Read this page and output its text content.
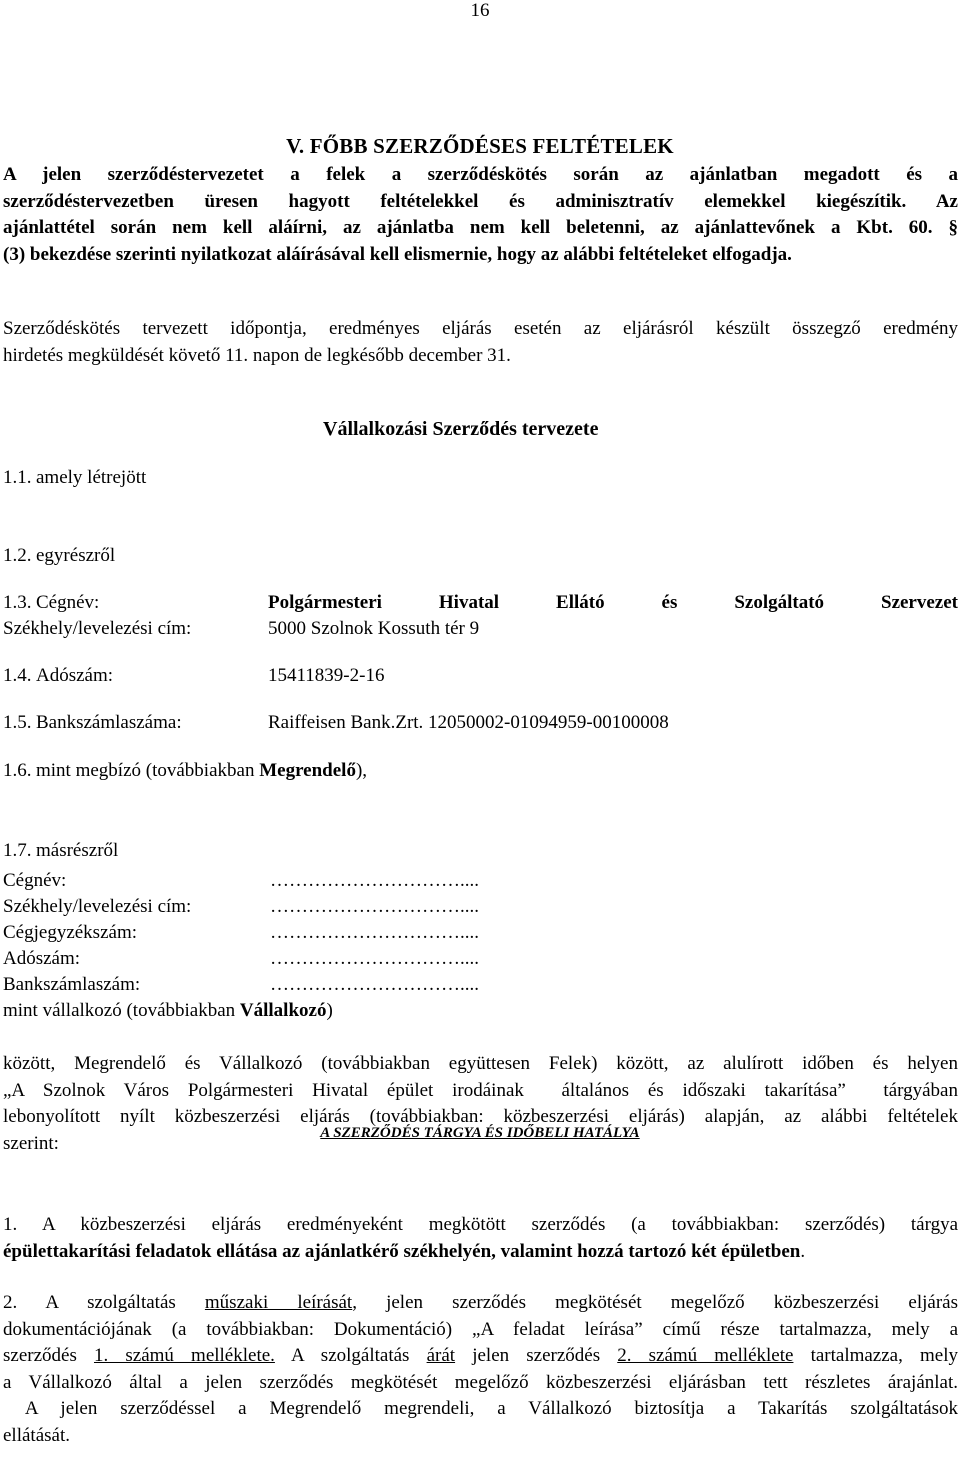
16
V. FŐBB SZERZŐDÉSES FELTÉTELEK
A jelen szerződéstervezetet a felek a szerződéskötés során az ajánlatban megadott és a
szerződéstervezetben üresen hagyott feltételekkel és adminisztratív elemekkel kiegészítik. Az
ajánlattétel során nem kell aláírni, az ajánlatba nem kell beletenni, az ajánlattevőnek a Kbt. 60. §
(3) bekezdése szerinti nyilatkozat aláírásával kell elismernie, hogy az alábbi feltételeket elfogadja.
Szerződéskötés tervezett időpontja, eredményes eljárás esetén az eljárásról készült összegző eredmény
hirdetés megküldését követő 11. napon de legkésőbb december 31.
Vállalkozási Szerződés tervezete
1.1. amely létrejött
1.2. egyrészről
1.3. Cégnév:	Polgármesteri	Hivatal	Ellátó	és	Szolgáltató	Szervezet
Székhely/levelezési cím:	5000 Szolnok Kossuth tér 9
1.4. Adószám:	15411839-2-16
1.5. Bankszámlaszáma:	Raiffeisen Bank.Zrt. 12050002-01094959-00100008
1.6. mint megbízó (továbbiakban Megrendelő),
1.7. másrészről
Cégnév:	…………………………....
Székhely/levelezési cím:	…………………………....
Cégjegyzékszám:	…………………………....
Adószám:	…………………………....
Bankszámlaszám:	…………………………....
mint vállalkozó (továbbiakban Vállalkozó)
között, Megrendelő és Vállalkozó (továbbiakban együttesen Felek) között, az alulírott időben és helyen
„A Szolnok Város Polgármesteri Hivatal épület irodáinak  általános és időszaki takarítása”  tárgyában
lebonyolított nyílt közbeszerzési eljárás (továbbiakban: közbeszerzési eljárás) alapján, az alábbi feltételek
szerint:	A SZERZŐDÉS TÁRGYA ÉS IDŐBELI HATÁLYA
1. A közbeszerzési eljárás eredményeként megkötött szerződés (a továbbiakban: szerződés) tárgya
épülettakarítási feladatok ellátása az ajánlatkérő székhelyén, valamint hozzá tartozó két épületben.
2. A szolgáltatás műszaki leírását, jelen szerződés megkötését megelőző közbeszerzési eljárás
dokumentációjának (a továbbiakban: Dokumentáció) „A feladat leírása” című része tartalmazza, mely a
szerződés 1. számú melléklete. A szolgáltatás árát jelen szerződés 2. számú melléklete tartalmazza, mely
a Vállalkozó által a jelen szerződés megkötését megelőző közbeszerzési eljárásban tett részletes árajánlat.
A jelen szerződéssel a Megrendelő megrendeli, a Vállalkozó biztosítja a Takarítás szolgáltatások
ellátását.
